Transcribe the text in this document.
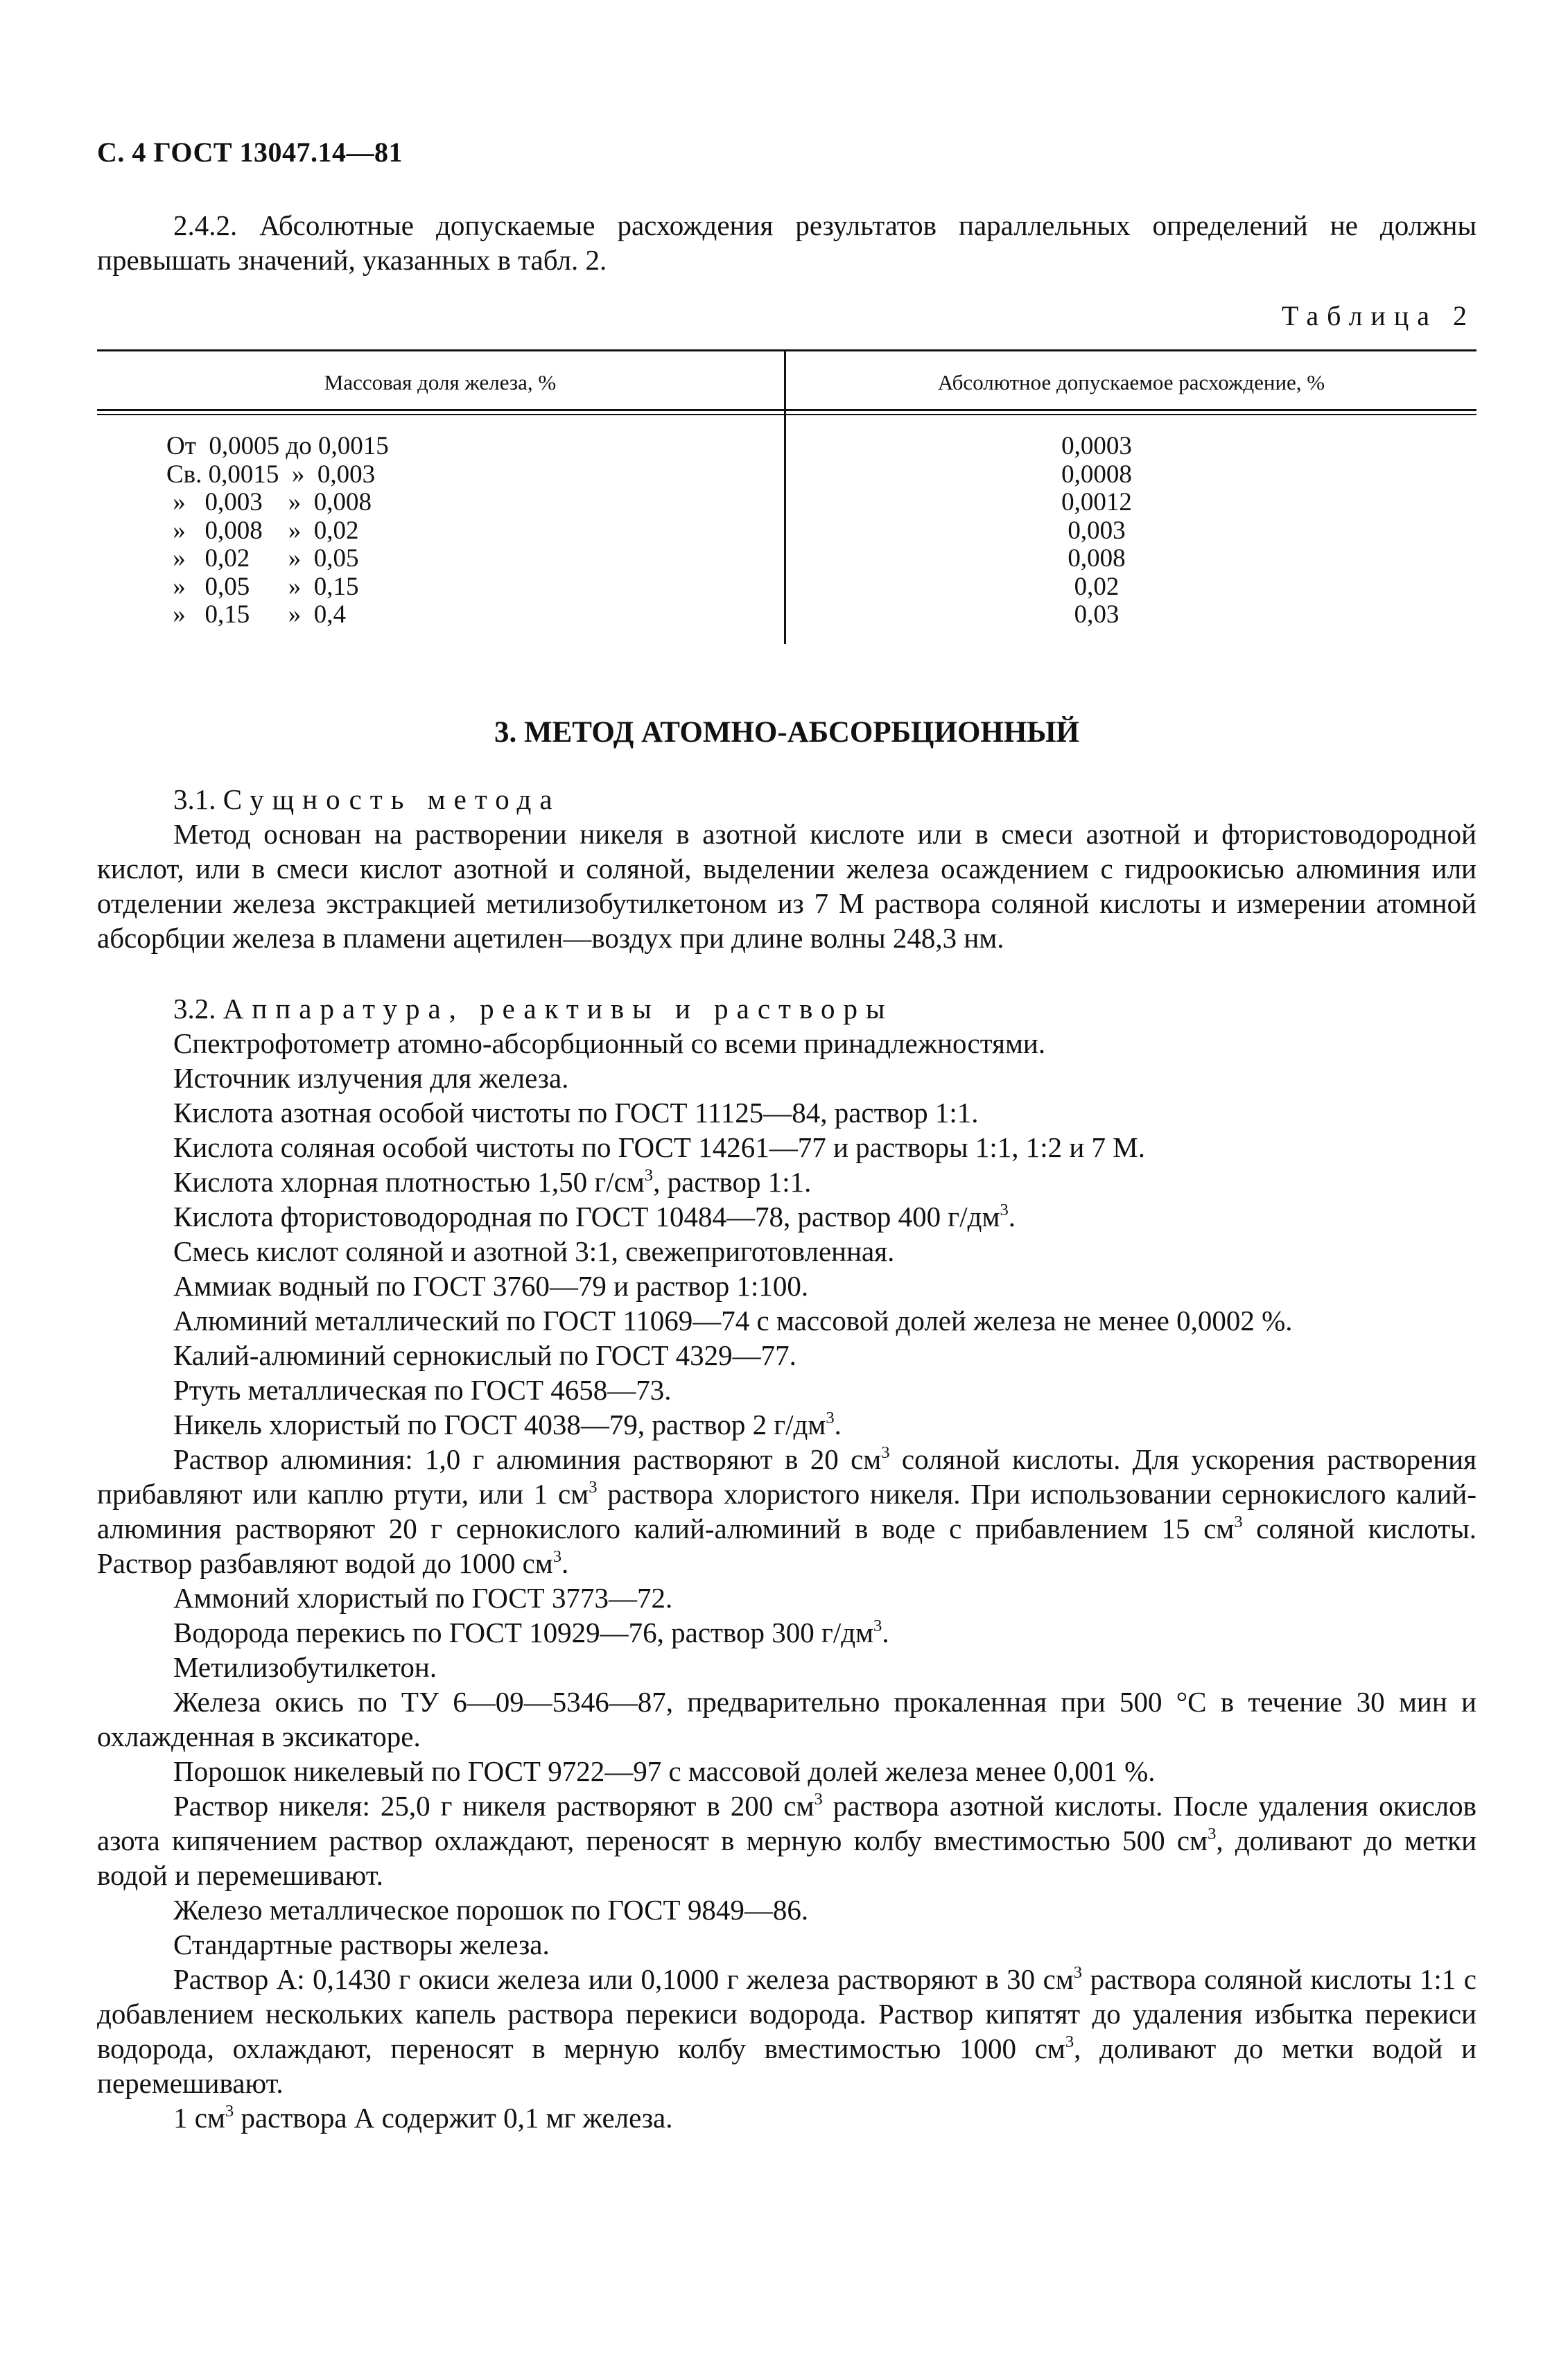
С. 4 ГОСТ 13047.14—81
2.4.2. Абсолютные допускаемые расхождения результатов параллельных определений не должны превышать значений, указанных в табл. 2.
Таблица 2
Массовая доля железа, %	Абсолютное допускаемое расхождение, %
От  0,0005 до 0,0015	0,0003
Св. 0,0015  »  0,003	0,0008
»   0,003    »  0,008	0,0012
»   0,008    »  0,02	0,003
»   0,02      »  0,05	0,008
»   0,05      »  0,15	0,02
»   0,15      »  0,4	0,03
3. МЕТОД АТОМНО-АБСОРБЦИОННЫЙ
3.1. Сущность метода
Метод основан на растворении никеля в азотной кислоте или в смеси азотной и фтористоводородной кислот, или в смеси кислот азотной и соляной, выделении железа осаждением с гидроокисью алюминия или отделении железа экстракцией метилизобутилкетоном из 7 М раствора соляной кислоты и измерении атомной абсорбции железа в пламени ацетилен—воздух при длине волны 248,3 нм.
3.2. Аппаратура, реактивы и растворы
Спектрофотометр атомно-абсорбционный со всеми принадлежностями.
Источник излучения для железа.
Кислота азотная особой чистоты по ГОСТ 11125—84, раствор 1:1.
Кислота соляная особой чистоты по ГОСТ 14261—77 и растворы 1:1, 1:2 и 7 М.
Кислота хлорная плотностью 1,50 $г/см^3$, раствор 1:1.
Кислота фтористоводородная по ГОСТ 10484—78, раствор 400 $г/дм^3$.
Смесь кислот соляной и азотной 3:1, свежеприготовленная.
Аммиак водный по ГОСТ 3760—79 и раствор 1:100.
Алюминий металлический по ГОСТ 11069—74 с массовой долей железа не менее 0,0002 %.
Калий-алюминий сернокислый по ГОСТ 4329—77.
Ртуть металлическая по ГОСТ 4658—73.
Никель хлористый по ГОСТ 4038—79, раствор 2 $г/дм^3$.
Раствор алюминия: 1,0 г алюминия растворяют в 20 $см^3$ соляной кислоты. Для ускорения растворения прибавляют или каплю ртути, или 1 $см^3$ раствора хлористого никеля. При использовании сернокислого калий-алюминия растворяют 20 г сернокислого калий-алюминий в воде с прибавлением 15 $см^3$ соляной кислоты. Раствор разбавляют водой до 1000 $см^3$.
Аммоний хлористый по ГОСТ 3773—72.
Водорода перекись по ГОСТ 10929—76, раствор 300 $г/дм^3$.
Метилизобутилкетон.
Железа окись по ТУ 6—09—5346—87, предварительно прокаленная при 500 °С в течение 30 мин и охлажденная в эксикаторе.
Порошок никелевый по ГОСТ 9722—97 с массовой долей железа менее 0,001 %.
Раствор никеля: 25,0 г никеля растворяют в 200 $см^3$ раствора азотной кислоты. После удаления окислов азота кипячением раствор охлаждают, переносят в мерную колбу вместимостью 500 $см^3$, доливают до метки водой и перемешивают.
Железо металлическое порошок по ГОСТ 9849—86.
Стандартные растворы железа.
Раствор А: 0,1430 г окиси железа или 0,1000 г железа растворяют в 30 $см^3$ раствора соляной кислоты 1:1 с добавлением нескольких капель раствора перекиси водорода. Раствор кипятят до удаления избытка перекиси водорода, охлаждают, переносят в мерную колбу вместимостью 1000 $см^3$, доливают до метки водой и перемешивают.
1 $см^3$ раствора А содержит 0,1 мг железа.
